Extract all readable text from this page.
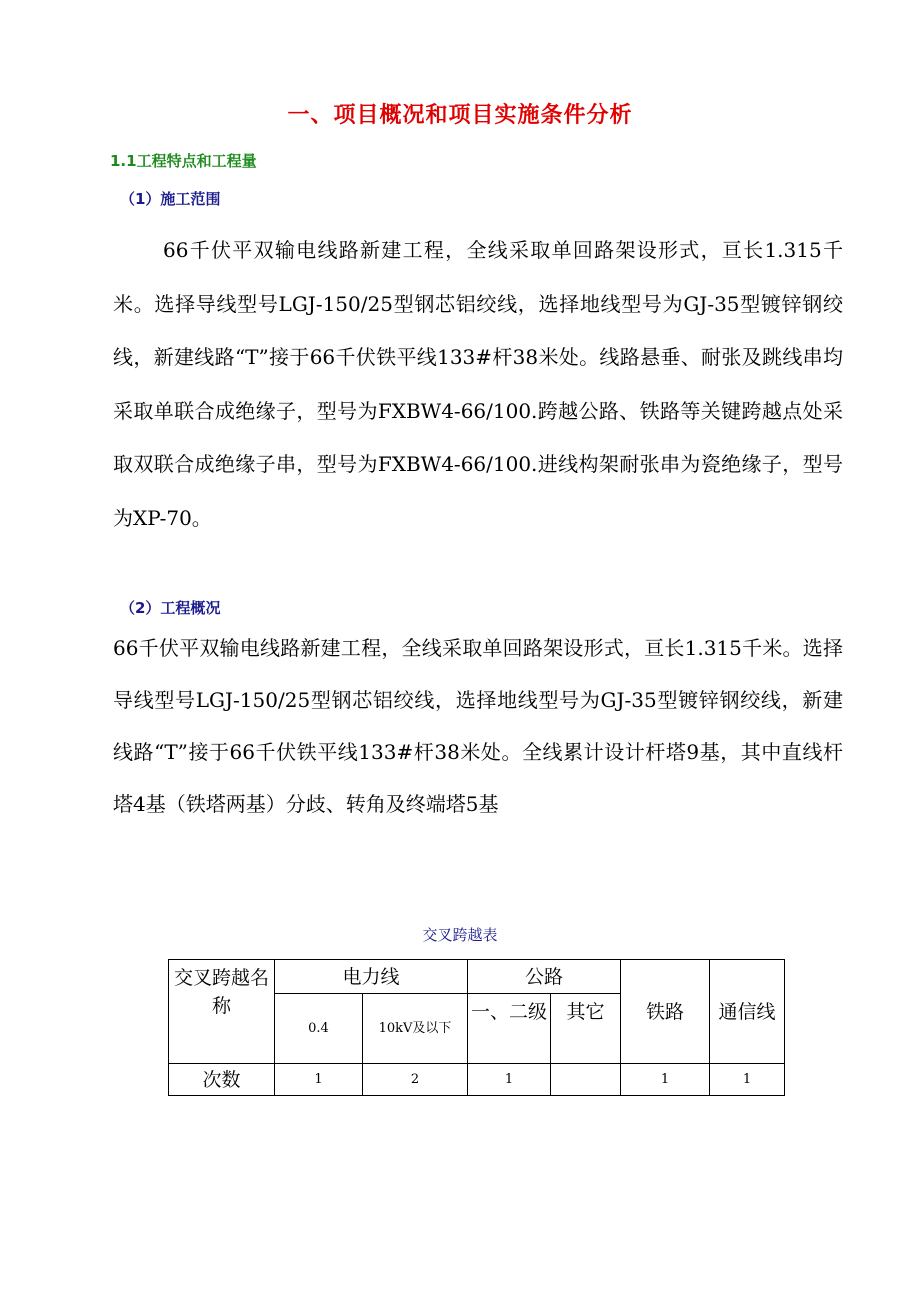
一、项目概况和项目实施条件分析
1.1工程特点和工程量
（1）施工范围

66千伏平双输电线路新建工程，全线采取单回路架设形式，亘长1.315千米。选择导线型号LGJ-150/25型钢芯铝绞线，选择地线型号为GJ-35型镀锌钢绞线，新建线路“T”接于66千伏铁平线133#杆38米处。线路悬垂、耐张及跳线串均采取单联合成绝缘子，型号为FXBW4-66/100.跨越公路、铁路等关键跨越点处采取双联合成绝缘子串，型号为FXBW4-66/100.进线构架耐张串为瓷绝缘子，型号为XP-70。

（2）工程概况

66千伏平双输电线路新建工程，全线采取单回路架设形式，亘长1.315千米。选择导线型号LGJ-150/25型钢芯铝绞线，选择地线型号为GJ-35型镀锌钢绞线，新建线路“T”接于66千伏铁平线133#杆38米处。全线累计设计杆塔9基，其中直线杆塔4基（铁塔两基）分歧、转角及终端塔5基

交叉跨越表
交叉跨越名称	电力线		公路		铁路	通信线
	0.4	10kV及以下	一、二级	其它		
次数	1	2	1		1	1
